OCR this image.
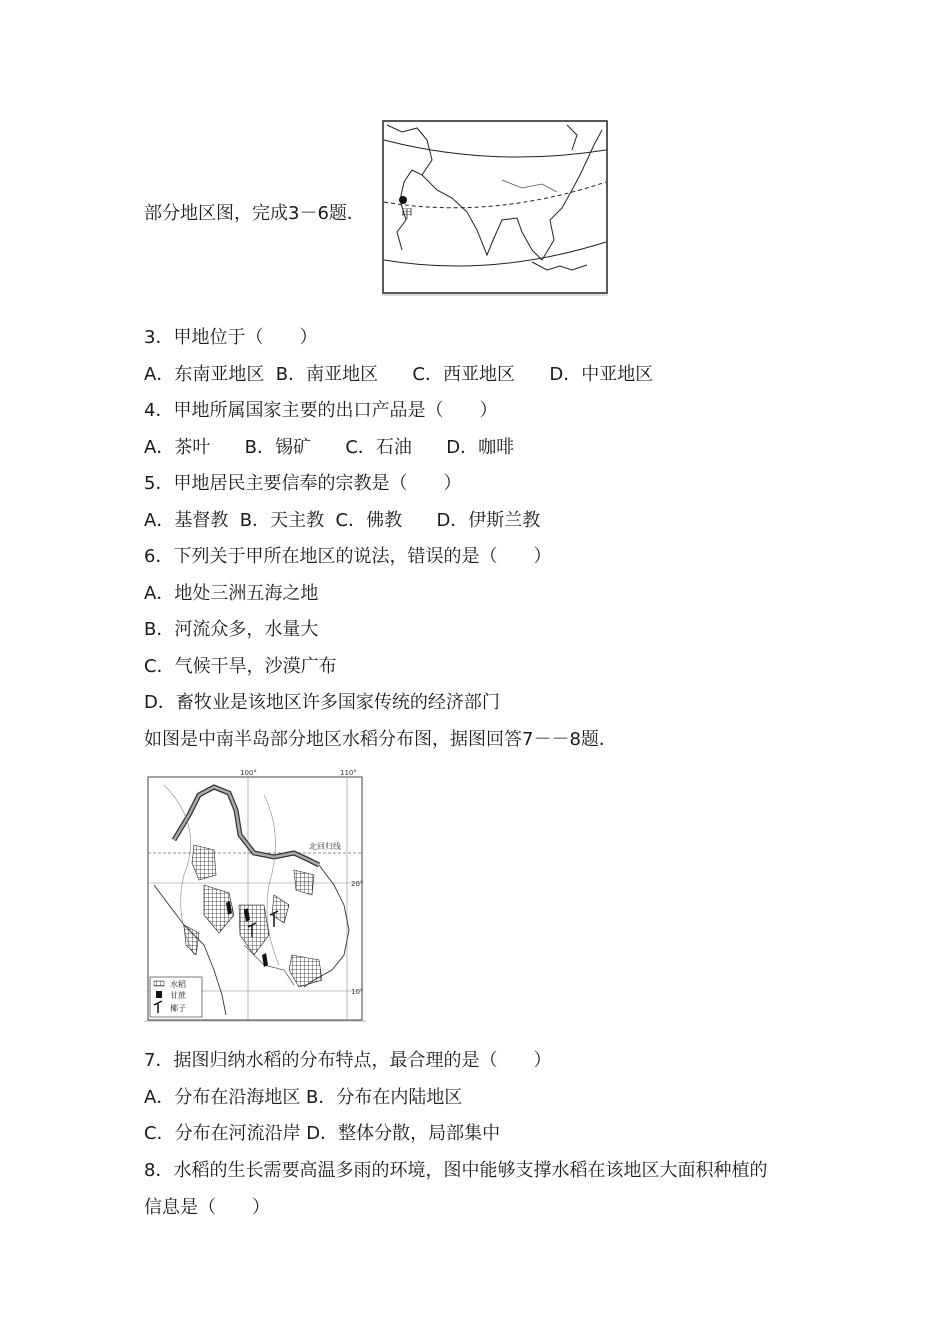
部分地区图，完成3－6题．	甲
3．甲地位于（　　）
A．东南亚地区  B．南亚地区      C．西亚地区      D．中亚地区
4．甲地所属国家主要的出口产品是（　　）
A．茶叶      B．锡矿      C．石油      D．咖啡
5．甲地居民主要信奉的宗教是（　　）
A．基督教  B．天主教  C．佛教      D．伊斯兰教
6．下列关于甲所在地区的说法，错误的是（　　）
A．地处三洲五海之地
B．河流众多，水量大
C．气候干旱，沙漠广布
D．畜牧业是该地区许多国家传统的经济部门
如图是中南半岛部分地区水稻分布图，据图回答7－－8题．
100°	110°
20°
10°
北回归线
水稻
甘蔗
椰子
7．据图归纳水稻的分布特点，最合理的是（　　）
A．分布在沿海地区 B．分布在内陆地区
C．分布在河流沿岸 D．整体分散，局部集中
8．水稻的生长需要高温多雨的环境，图中能够支撑水稻在该地区大面积种植的
信息是（　　）
